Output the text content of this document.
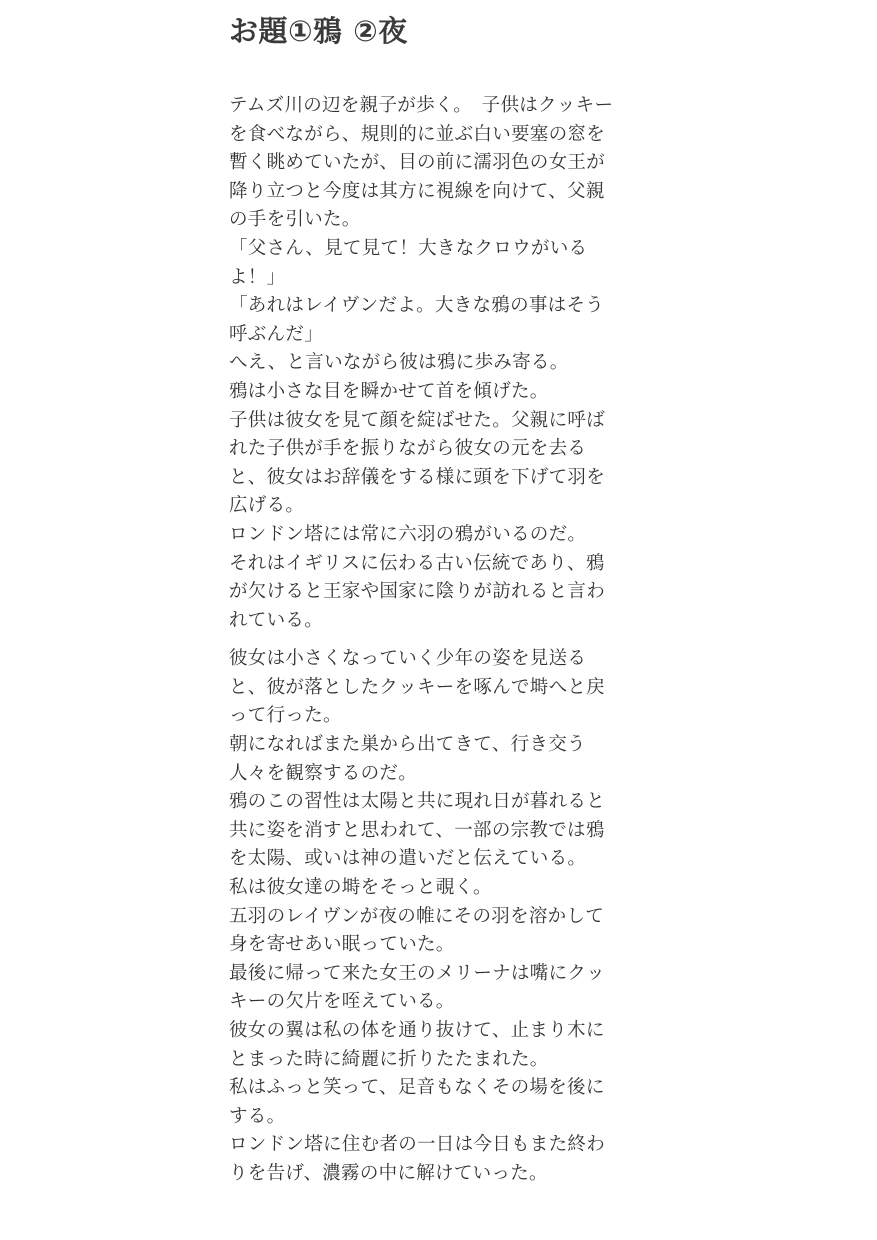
お題①鴉 ②夜
テムズ川の辺を親子が歩く。　子供はクッキー
を食べながら、規則的に並ぶ白い要塞の窓を
暫く眺めていたが、目の前に濡羽色の女王が
降り立つと今度は其方に視線を向けて、父親
の手を引いた。
「父さん、見て見て！大きなクロウがいる
よ！」
「あれはレイヴンだよ。大きな鴉の事はそう
呼ぶんだ」
へえ、と言いながら彼は鴉に歩み寄る。
鴉は小さな目を瞬かせて首を傾げた。
子供は彼女を見て顔を綻ばせた。父親に呼ば
れた子供が手を振りながら彼女の元を去る
と、彼女はお辞儀をする様に頭を下げて羽を
広げる。
ロンドン塔には常に六羽の鴉がいるのだ。
それはイギリスに伝わる古い伝統であり、鴉
が欠けると王家や国家に陰りが訪れると言わ
れている。
彼女は小さくなっていく少年の姿を見送る
と、彼が落としたクッキーを啄んで塒へと戻
って行った。
朝になればまた巣から出てきて、行き交う
人々を観察するのだ。
鴉のこの習性は太陽と共に現れ日が暮れると
共に姿を消すと思われて、一部の宗教では鴉
を太陽、或いは神の遣いだと伝えている。
私は彼女達の塒をそっと覗く。
五羽のレイヴンが夜の帷にその羽を溶かして
身を寄せあい眠っていた。
最後に帰って来た女王のメリーナは嘴にクッ
キーの欠片を咥えている。
彼女の翼は私の体を通り抜けて、止まり木に
とまった時に綺麗に折りたたまれた。
私はふっと笑って、足音もなくその場を後に
する。
ロンドン塔に住む者の一日は今日もまた終わ
りを告げ、濃霧の中に解けていった。
